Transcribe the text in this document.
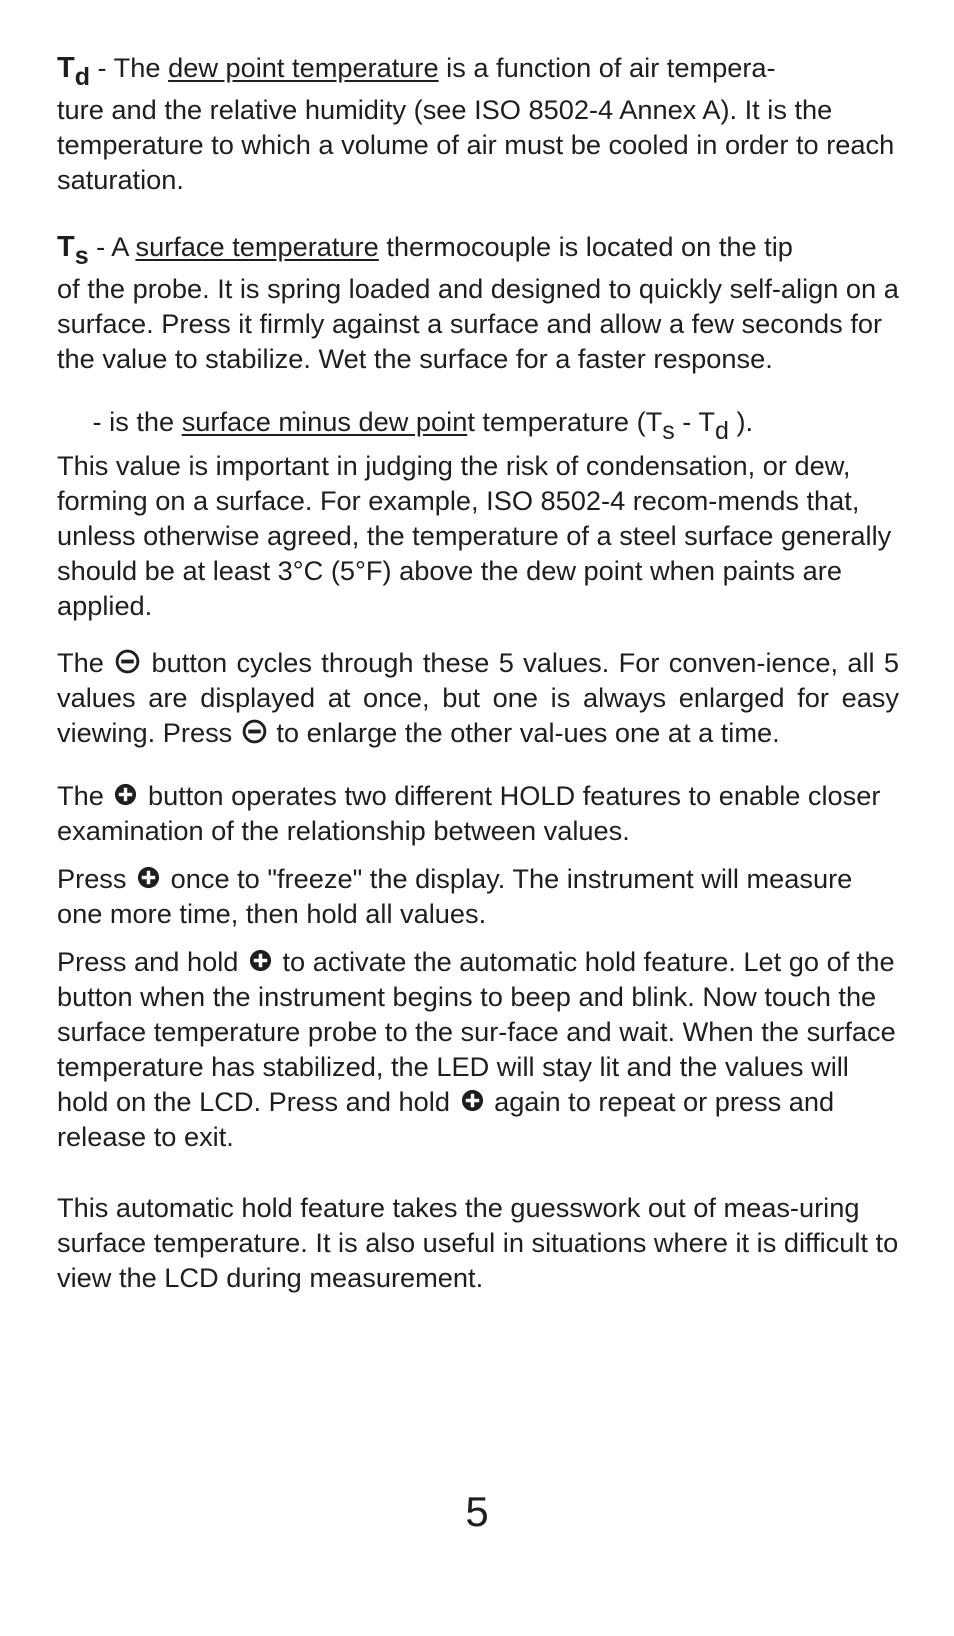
$T_d$ - The dew point temperature is a function of air tempera-

ture and the relative humidity (see ISO 8502-4 Annex A). It is the temperature to which a volume of air must be cooled in order to reach saturation.

$T_s$ - A surface temperature thermocouple is located on the tip

of the probe. It is spring loaded and designed to quickly self-align on a surface. Press it firmly against a surface and allow a few seconds for the value to stabilize. Wet the surface for a faster response.

- is the surface minus dew point temperature ($T_s - T_d$ ).

This value is important in judging the risk of condensation, or dew, forming on a surface. For example, ISO 8502-4 recom-mends that, unless otherwise agreed, the temperature of a steel surface generally should be at least 3°C (5°F) above the dew point when paints are applied.

The
button cycles through these 5 values. For conven-ience, all 5 values are displayed at once, but one is always enlarged for easy viewing. Press
to enlarge the other val-ues one at a time.

The
button operates two different HOLD features to enable closer examination of the relationship between values.

Press
once to "freeze" the display. The instrument will measure one more time, then hold all values.

Press and hold
to activate the automatic hold feature. Let go of the button when the instrument begins to beep and blink. Now touch the surface temperature probe to the sur-face and wait. When the surface temperature has stabilized, the LED will stay lit and the values will hold on the LCD. Press and hold
again to repeat or press and release to exit.

This automatic hold feature takes the guesswork out of meas-uring surface temperature. It is also useful in situations where it is difficult to view the LCD during measurement.

5
